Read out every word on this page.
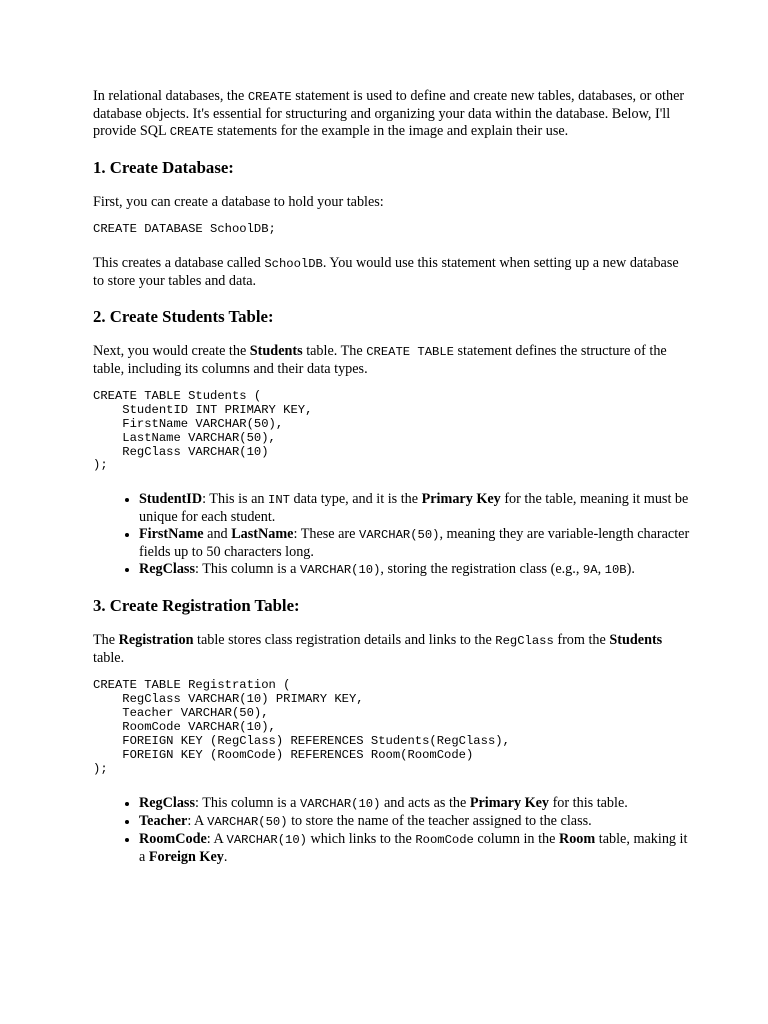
In relational databases, the CREATE statement is used to define and create new tables, databases, or other database objects. It's essential for structuring and organizing your data within the database. Below, I'll provide SQL CREATE statements for the example in the image and explain their use.

1. Create Database:

First, you can create a database to hold your tables:

CREATE DATABASE SchoolDB;

This creates a database called SchoolDB. You would use this statement when setting up a new database to store your tables and data.

2. Create Students Table:

Next, you would create the Students table. The CREATE TABLE statement defines the structure of the table, including its columns and their data types.

CREATE TABLE Students (
StudentID INT PRIMARY KEY,
FirstName VARCHAR(50),
LastName VARCHAR(50),
RegClass VARCHAR(10)
);
• StudentID: This is an INT data type, and it is the Primary Key for the table, meaning it must be unique for each student.
• FirstName and LastName: These are VARCHAR(50), meaning they are variable-length character fields up to 50 characters long.
• RegClass: This column is a VARCHAR(10), storing the registration class (e.g., 9A, 10B).
3. Create Registration Table:

The Registration table stores class registration details and links to the RegClass from the Students table.

CREATE TABLE Registration (
RegClass VARCHAR(10) PRIMARY KEY,
Teacher VARCHAR(50),
RoomCode VARCHAR(10),
FOREIGN KEY (RegClass) REFERENCES Students(RegClass),
FOREIGN KEY (RoomCode) REFERENCES Room(RoomCode)
);
• RegClass: This column is a VARCHAR(10) and acts as the Primary Key for this table.
• Teacher: A VARCHAR(50) to store the name of the teacher assigned to the class.
• RoomCode: A VARCHAR(10) which links to the RoomCode column in the Room table, making it a Foreign Key.
